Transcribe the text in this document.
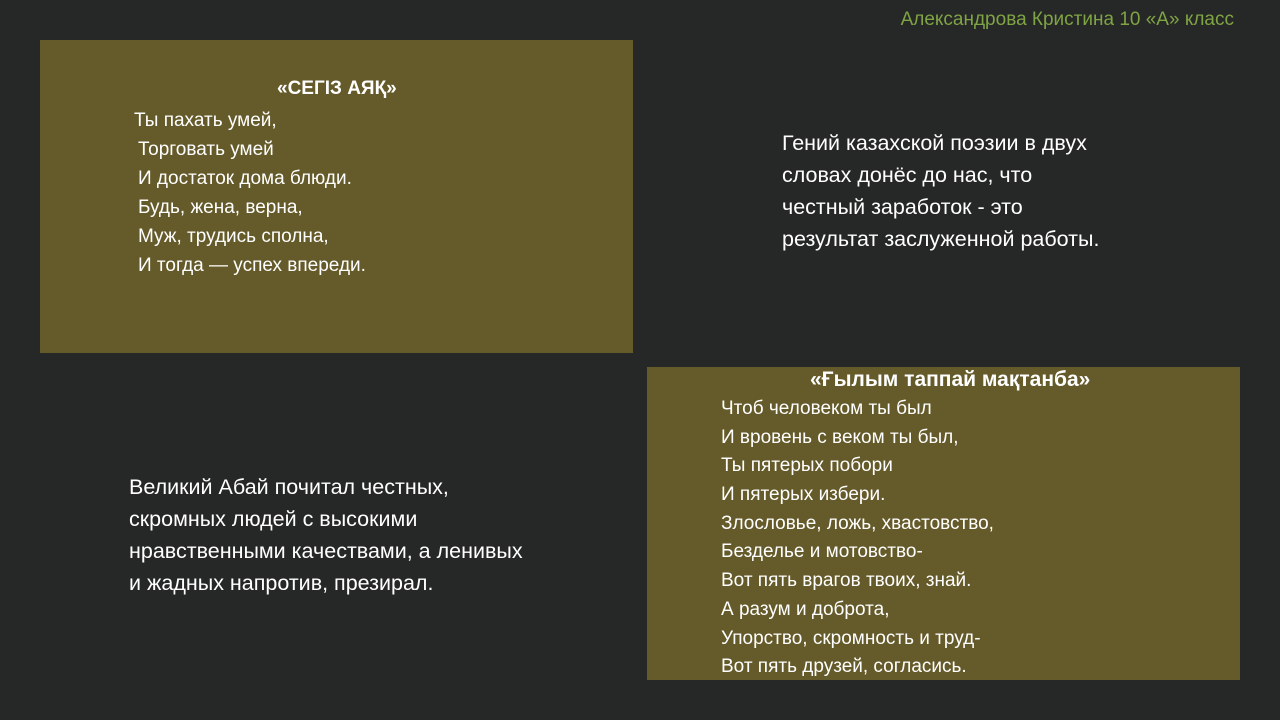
Александрова Кристина 10 «А» класс
«СЕГІЗ АЯҚ»
Ты пахать умей,
Торговать умей
И достаток дома блюди.
Будь, жена, верна,
Муж, трудись сполна,
И тогда — успех впереди.

Гений казахской поэзии в двух
словах донёс до нас, что
честный заработок - это
результат заслуженной работы.

Великий Абай почитал честных,
скромных людей с высокими
нравственными качествами, а ленивых
и жадных напротив, презирал.

«Ғылым таппай мақтанба»
Чтоб человеком ты был
И вровень с веком ты был,
Ты пятерых побори
И пятерых избери.
Злословье, ложь, хвастовство,
Безделье и мотовство-
Вот пять врагов твоих, знай.
А разум и доброта,
Упорство, скромность и труд-
Вот пять друзей, согласись.
